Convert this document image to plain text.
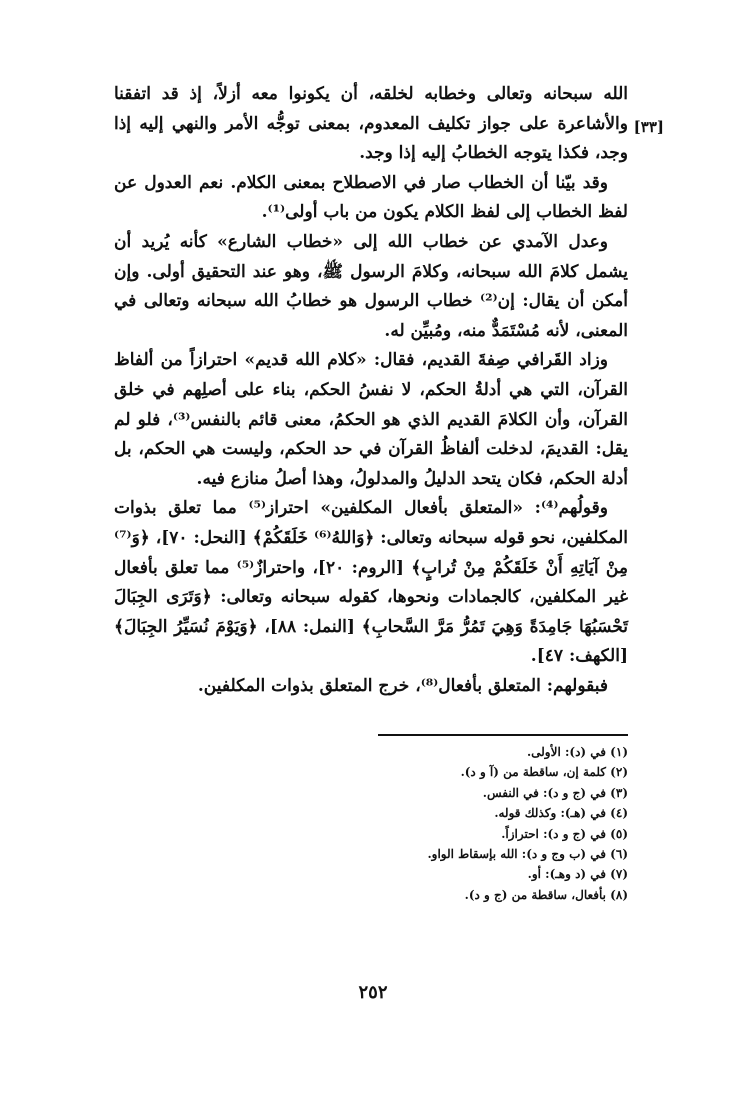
[٣٣]

الله سبحانه وتعالى وخطابه لخلقه، أن يكونوا معه أزلاً، إذ قد اتفقنا والأشاعرة على جواز تكليف المعدوم، بمعنى توجُّه الأمر والنهي إليه إذا وجد، فكذا يتوجه الخطابُ إليه إذا وجد.

وقد بيّنا أن الخطاب صار في الاصطلاح بمعنى الكلام. نعم العدول عن لفظ الخطاب إلى لفظ الكلام يكون من باب أولى⁽¹⁾.

وعدل الآمدي عن خطاب الله إلى «خطاب الشارع» كأنه يُريد أن يشمل كلامَ الله سبحانه، وكلامَ الرسول ﷺ، وهو عند التحقيق أولى. وإن أمكن أن يقال: إن⁽²⁾ خطاب الرسول هو خطابُ الله سبحانه وتعالى في المعنى، لأنه مُسْتَمَدٌّ منه، ومُبيِّن له.

وزاد القَرافي صِفةَ القديم، فقال: «كلام الله قديم» احترازاً من ألفاظ القرآن، التي هي أدلةُ الحكم، لا نفسُ الحكم، بناء على أصلِهم في خلق القرآن، وأن الكلامَ القديم الذي هو الحكمُ، معنى قائم بالنفس⁽³⁾، فلو لم يقل: القديمَ، لدخلت ألفاظُ القرآن في حد الحكم، وليست هي الحكم، بل أدلة الحكم، فكان يتحد الدليلُ والمدلولُ، وهذا أصلُ منازع فيه.

وقولُهم⁽⁴⁾: «المتعلق بأفعال المكلفين» احتراز⁽⁵⁾ مما تعلق بذوات المكلفين، نحو قوله سبحانه وتعالى: ﴿وَاللهُ⁽⁶⁾ خَلَقَكُمْ﴾ [النحل: ٧٠]، ﴿وَ⁽⁷⁾ مِنْ آيَاتِهِ أَنْ خَلَقَكُمْ مِنْ تُرابٍ﴾ [الروم: ٢٠]، واحترازٌ⁽⁵⁾ مما تعلق بأفعال غير المكلفين، كالجمادات ونحوها، كقوله سبحانه وتعالى: ﴿وَتَرَى الجِبَالَ تَحْسَبُهَا جَامِدَةً وَهِيَ تَمُرُّ مَرَّ السَّحابِ﴾ [النمل: ٨٨]، ﴿وَيَوْمَ نُسَيِّرُ الجِبَالَ﴾ [الكهف: ٤٧].

فبقولهم: المتعلق بأفعال⁽⁸⁾، خرج المتعلق بذوات المكلفين.

(١) في (د): الأولى.

(٢) كلمة إن، ساقطة من (آ و د).

(٣) في (ج و د): في النفس.

(٤) في (هـ): وكذلك قوله.

(٥) في (ج و د): احترازاً.

(٦) في (ب وج و د): الله بإسقاط الواو.

(٧) في (د وهـ): أو.

(٨) بأفعال، ساقطة من (ج و د).

٢٥٢
